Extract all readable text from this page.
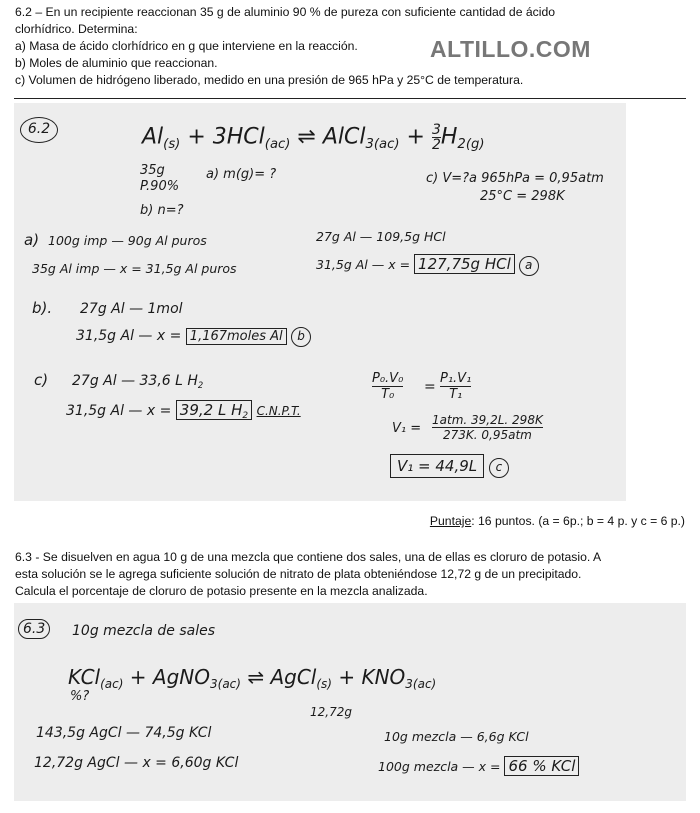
6.2 – En un recipiente reaccionan 35 g de aluminio 90 % de pureza con suficiente cantidad de ácido
clorhídrico. Determina:
a) Masa de ácido clorhídrico en g que interviene en la reacción.
b) Moles de aluminio que reaccionan.
c) Volumen de hidrógeno liberado, medido en una presión de 965 hPa y 25°C de temperatura.
ALTILLO.COM
6.2	$Al_{(s)} + 3HCl_{(ac)}$ ⇌ AlCl$_{3(ac)}$ + $\frac{3}{2}H_{2(g)}$
35g
P.90%
a) m(g)= ?	c) V=?a 965hPa = 0,95atm
25°C = 298K
b) n=?
a) 100g imp — 90g Al puros
35g Al imp — x = 31,5g Al puros
27g Al — 109,5g HCl
31,5g Al — x = 127,75g HCl a
b). 27g Al — 1mol
31,5g Al — x = 1,167moles Al b
c) 27g Al — 33,6 L $H_2$
31,5g Al — x = 39,2 L $H_2$ C.N.P.T.
$\frac{\text{P₀.V₀}}{\text{T₀}} = \frac{\text{P₁.V₁}}{\text{T₁}}$
V₁ =
1atm. 39,2L. 298K
273K. 0,95atm
V₁ = 44,9L c
Puntaje: 16 puntos. (a = 6p.; b = 4 p. y c = 6 p.)
6.3 - Se disuelven en agua 10 g de una mezcla que contiene dos sales, una de ellas es cloruro de potasio. A
esta solución se le agrega suficiente solución de nitrato de plata obteniéndose 12,72 g de un precipitado.
Calcula el porcentaje de cloruro de potasio presente en la mezcla analizada.
6.3	10g mezcla de sales
KCl$_{(ac)}$ + AgNO$_{3(ac)}$ ⇌ AgCl$_{(s)}$ + $KNO_{3(ac)}$
%?
12,72g
143,5g AgCl — 74,5g KCl
12,72g AgCl — x = 6,60g KCl
10g mezcla — 6,6g KCl
100g mezcla — x = 66 % KCl
